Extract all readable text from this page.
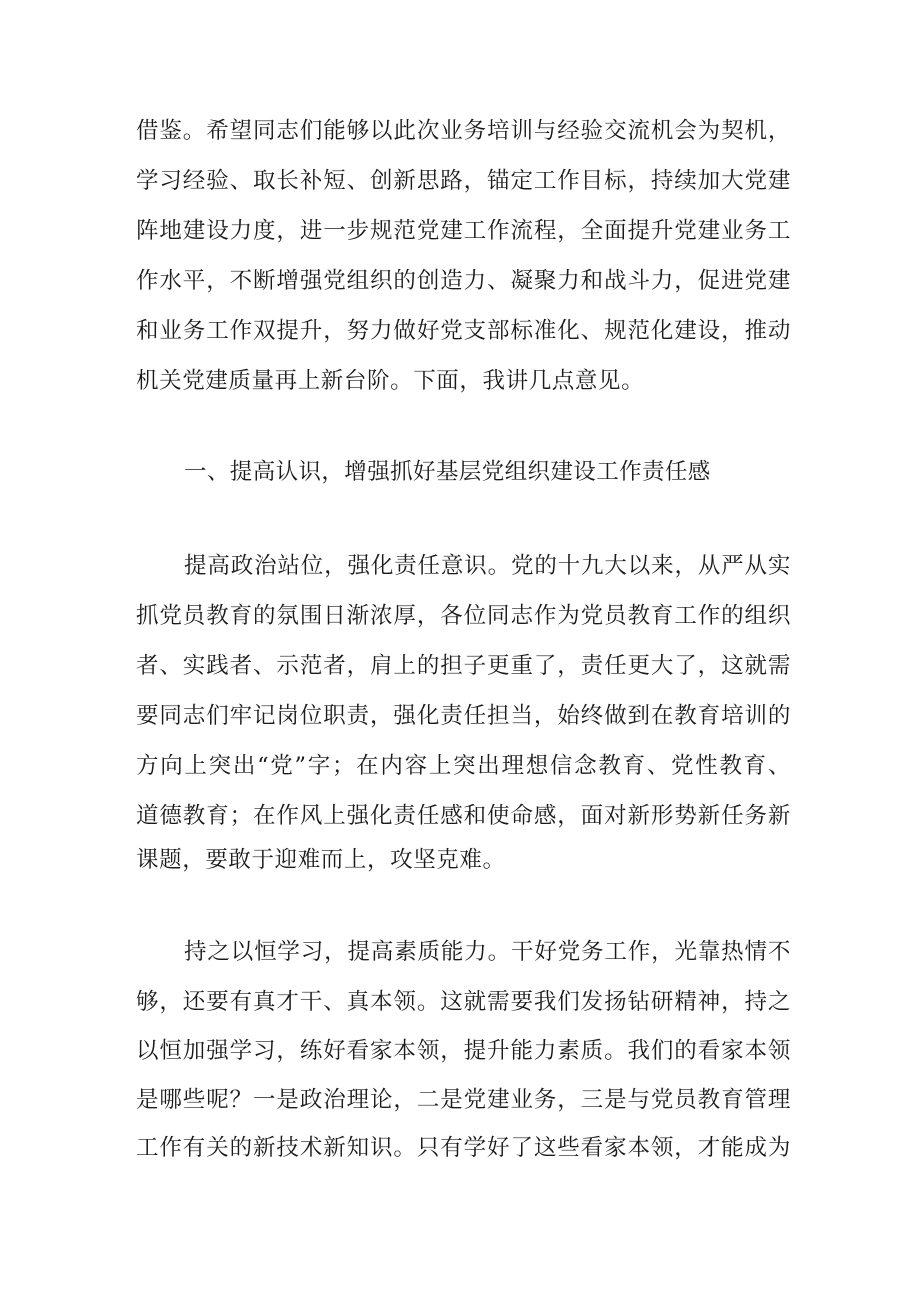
借鉴。希望同志们能够以此次业务培训与经验交流机会为契机，
学习经验、取长补短、创新思路，锚定工作目标，持续加大党建
阵地建设力度，进一步规范党建工作流程，全面提升党建业务工
作水平，不断增强党组织的创造力、凝聚力和战斗力，促进党建
和业务工作双提升，努力做好党支部标准化、规范化建设，推动
机关党建质量再上新台阶。下面，我讲几点意见。
一、提高认识，增强抓好基层党组织建设工作责任感
提高政治站位，强化责任意识。党的十九大以来，从严从实
抓党员教育的氛围日渐浓厚，各位同志作为党员教育工作的组织
者、实践者、示范者，肩上的担子更重了，责任更大了，这就需
要同志们牢记岗位职责，强化责任担当，始终做到在教育培训的
方向上突出“党”字；在内容上突出理想信念教育、党性教育、
道德教育；在作风上强化责任感和使命感，面对新形势新任务新
课题，要敢于迎难而上，攻坚克难。
持之以恒学习，提高素质能力。干好党务工作，光靠热情不
够，还要有真才干、真本领。这就需要我们发扬钻研精神，持之
以恒加强学习，练好看家本领，提升能力素质。我们的看家本领
是哪些呢？一是政治理论，二是党建业务，三是与党员教育管理
工作有关的新技术新知识。只有学好了这些看家本领，才能成为
